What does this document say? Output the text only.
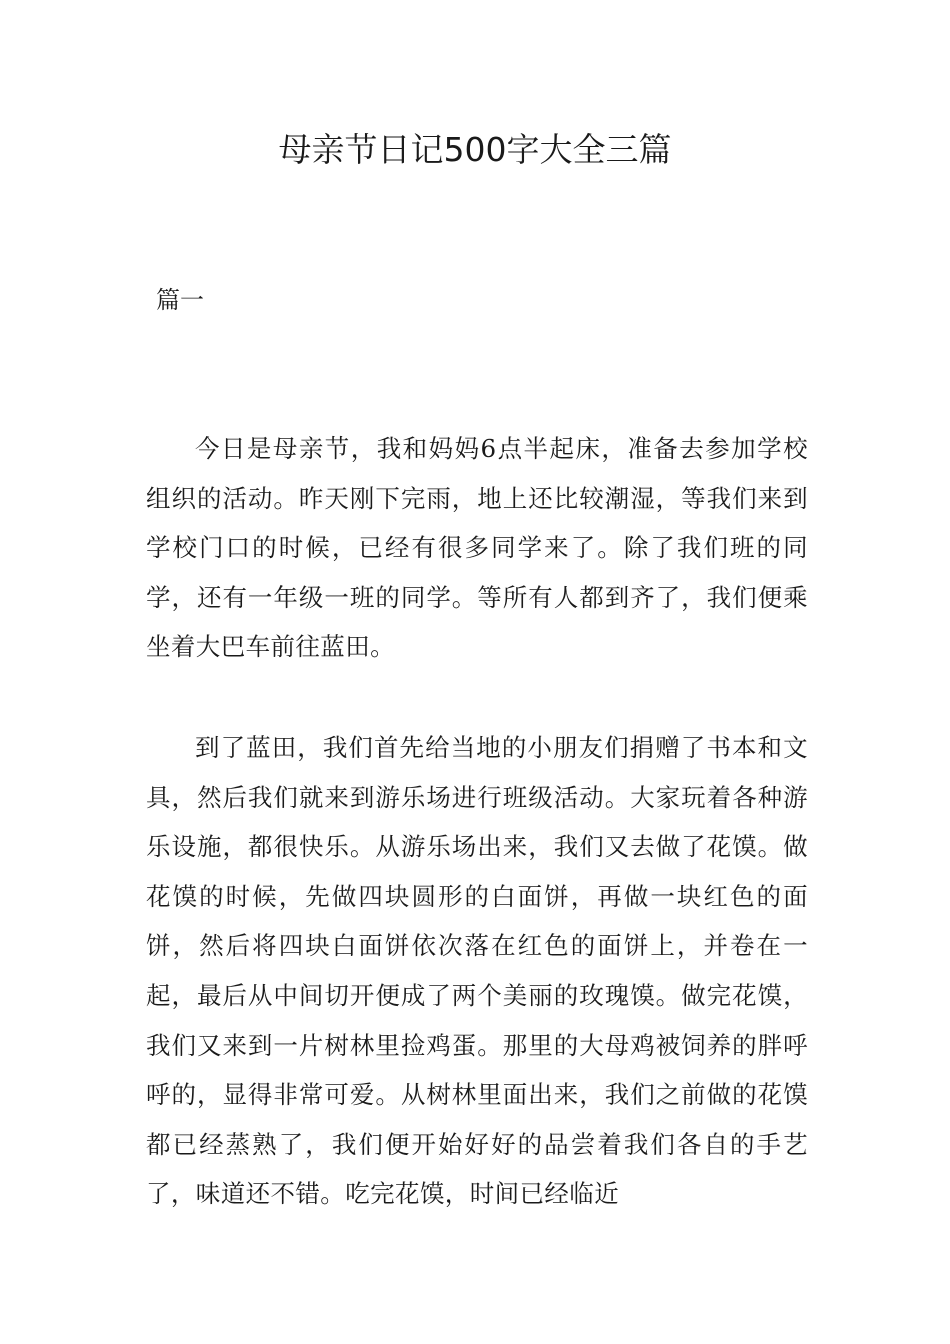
母亲节日记500字大全三篇
篇一

今日是母亲节，我和妈妈6点半起床，准备去参加学校组织的活动。昨天刚下完雨，地上还比较潮湿，等我们来到学校门口的时候，已经有很多同学来了。除了我们班的同学，还有一年级一班的同学。等所有人都到齐了，我们便乘坐着大巴车前往蓝田。

到了蓝田，我们首先给当地的小朋友们捐赠了书本和文具，然后我们就来到游乐场进行班级活动。大家玩着各种游乐设施，都很快乐。从游乐场出来，我们又去做了花馍。做花馍的时候，先做四块圆形的白面饼，再做一块红色的面饼，然后将四块白面饼依次落在红色的面饼上，并卷在一起，最后从中间切开便成了两个美丽的玫瑰馍。做完花馍，我们又来到一片树林里捡鸡蛋。那里的大母鸡被饲养的胖呼呼的，显得非常可爱。从树林里面出来，我们之前做的花馍都已经蒸熟了，我们便开始好好的品尝着我们各自的手艺了，味道还不错。吃完花馍，时间已经临近
